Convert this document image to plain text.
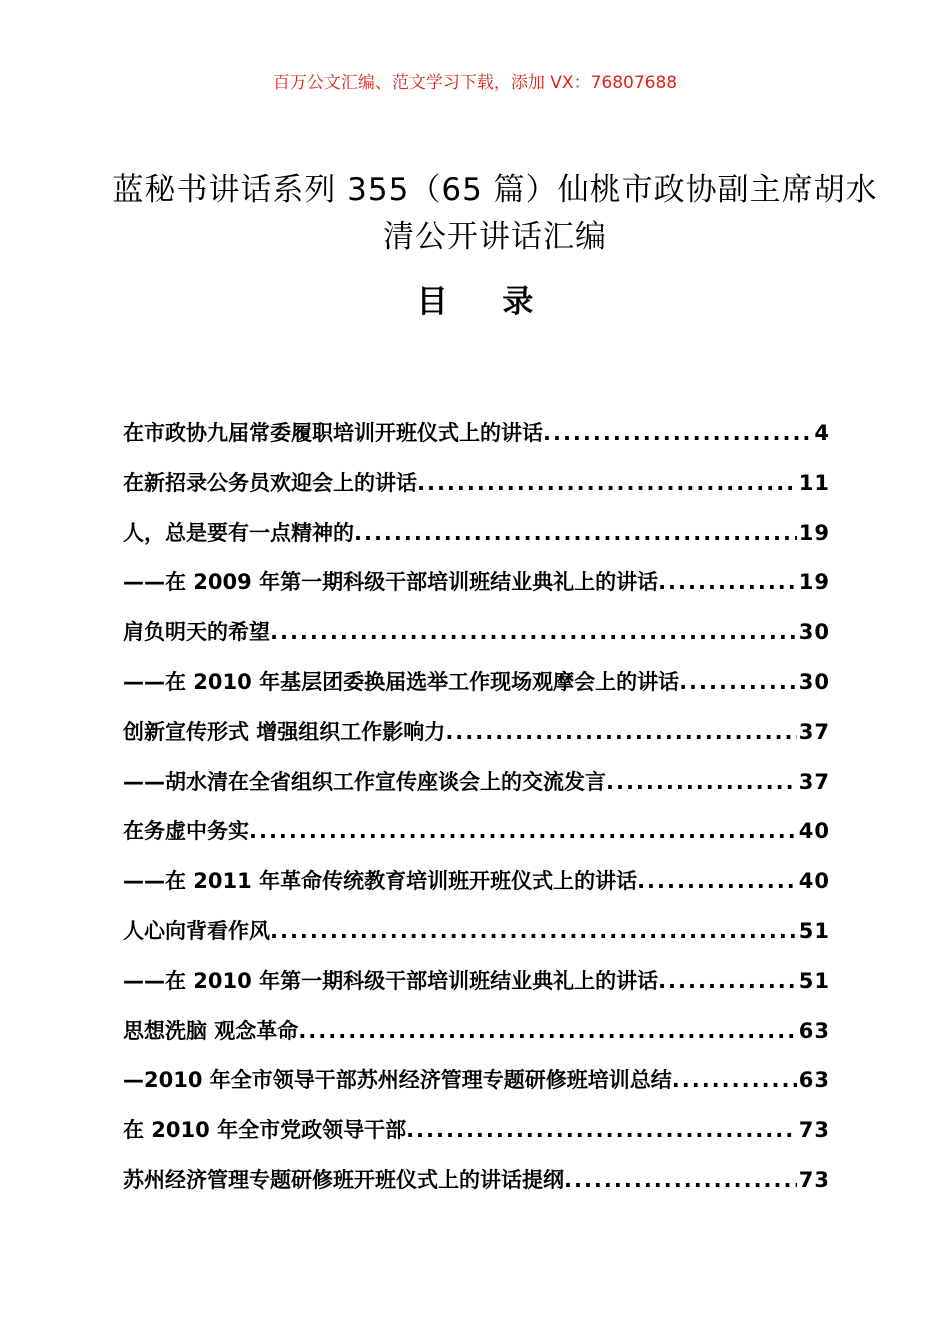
百万公文汇编、范文学习下载，添加 VX：76807688
蓝秘书讲话系列 355（65 篇）仙桃市政协副主席胡水清公开讲话汇编
目 录
在市政协九届常委履职培训开班仪式上的讲话 .....	4
在新招录公务员欢迎会上的讲话 .....	11
人，总是要有一点精神的 .....	19
——在 2009 年第一期科级干部培训班结业典礼上的讲话 .....	19
肩负明天的希望 .....	30
——在 2010 年基层团委换届选举工作现场观摩会上的讲话 .....	30
创新宣传形式 增强组织工作影响力 .....	37
——胡水清在全省组织工作宣传座谈会上的交流发言 .....	37
在务虚中务实 .....	40
——在 2011 年革命传统教育培训班开班仪式上的讲话 .....	40
人心向背看作风 .....	51
——在 2010 年第一期科级干部培训班结业典礼上的讲话 .....	51
思想洗脑 观念革命 .....	63
—2010 年全市领导干部苏州经济管理专题研修班培训总结 .....	63
在 2010 年全市党政领导干部 .....	73
苏州经济管理专题研修班开班仪式上的讲话提纲 .....	73
